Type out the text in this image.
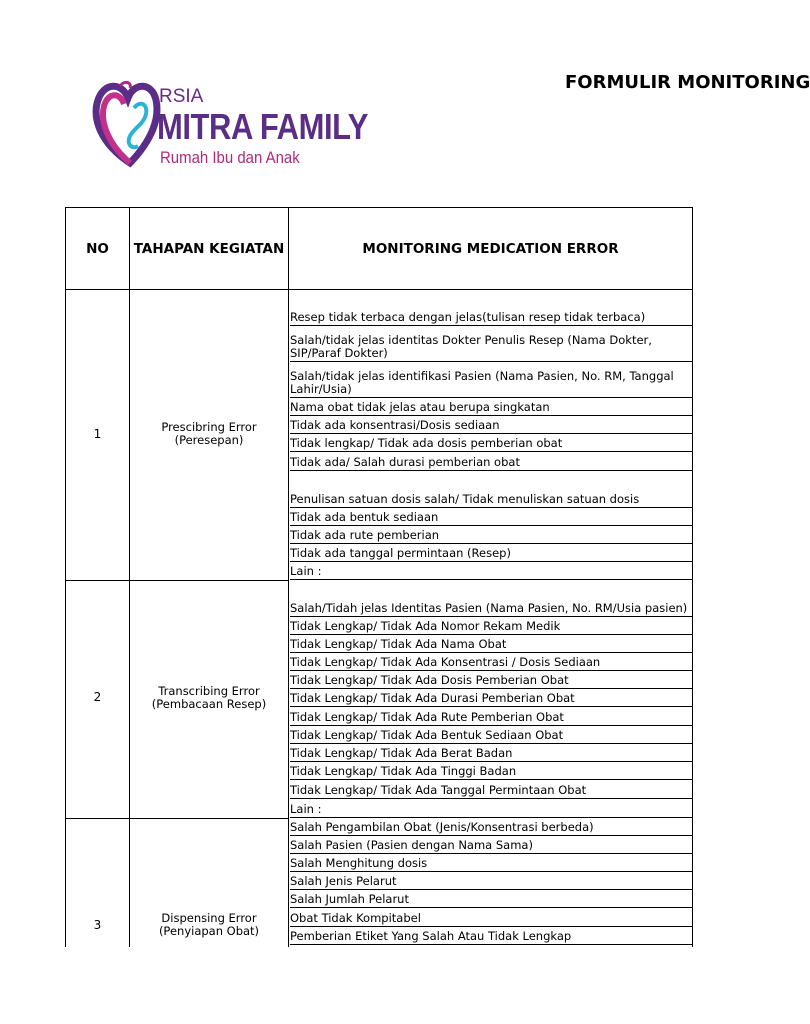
RSIA
MITRA FAMILY
Rumah Ibu dan Anak
FORMULIR MONITORING
NO	TAHAPAN KEGIATAN	MONITORING MEDICATION ERROR
1	Prescibring Error
(Peresepan)
Resep tidak terbaca dengan jelas(tulisan resep tidak terbaca)
Salah/tidak jelas identitas Dokter Penulis Resep (Nama Dokter, SIP/Paraf Dokter)
Salah/tidak jelas identifikasi Pasien (Nama Pasien, No. RM, Tanggal Lahir/Usia)
Nama obat tidak jelas atau berupa singkatan
Tidak ada konsentrasi/Dosis sediaan
Tidak lengkap/ Tidak ada dosis pemberian obat
Tidak ada/ Salah durasi pemberian obat
Penulisan satuan dosis salah/ Tidak menuliskan satuan dosis
Tidak ada bentuk sediaan
Tidak ada rute pemberian
Tidak ada tanggal permintaan (Resep)
Lain :
2	Transcribing Error
(Pembacaan Resep)
Salah/Tidah jelas Identitas Pasien (Nama Pasien, No. RM/Usia pasien)
Tidak Lengkap/ Tidak Ada Nomor Rekam Medik
Tidak Lengkap/ Tidak Ada Nama Obat
Tidak Lengkap/ Tidak Ada Konsentrasi / Dosis Sediaan
Tidak Lengkap/ Tidak Ada Dosis Pemberian Obat
Tidak Lengkap/ Tidak Ada Durasi Pemberian Obat
Tidak Lengkap/ Tidak Ada Rute Pemberian Obat
Tidak Lengkap/ Tidak Ada Bentuk Sediaan Obat
Tidak Lengkap/ Tidak Ada Berat Badan
Tidak Lengkap/ Tidak Ada Tinggi Badan
Tidak Lengkap/ Tidak Ada Tanggal Permintaan Obat
Lain :
3	Dispensing Error
(Penyiapan Obat)
Salah Pengambilan Obat (Jenis/Konsentrasi berbeda)
Salah Pasien (Pasien dengan Nama Sama)
Salah Menghitung dosis
Salah Jenis Pelarut
Salah Jumlah Pelarut
Obat Tidak Kompitabel
Pemberian Etiket Yang Salah Atau Tidak Lengkap
